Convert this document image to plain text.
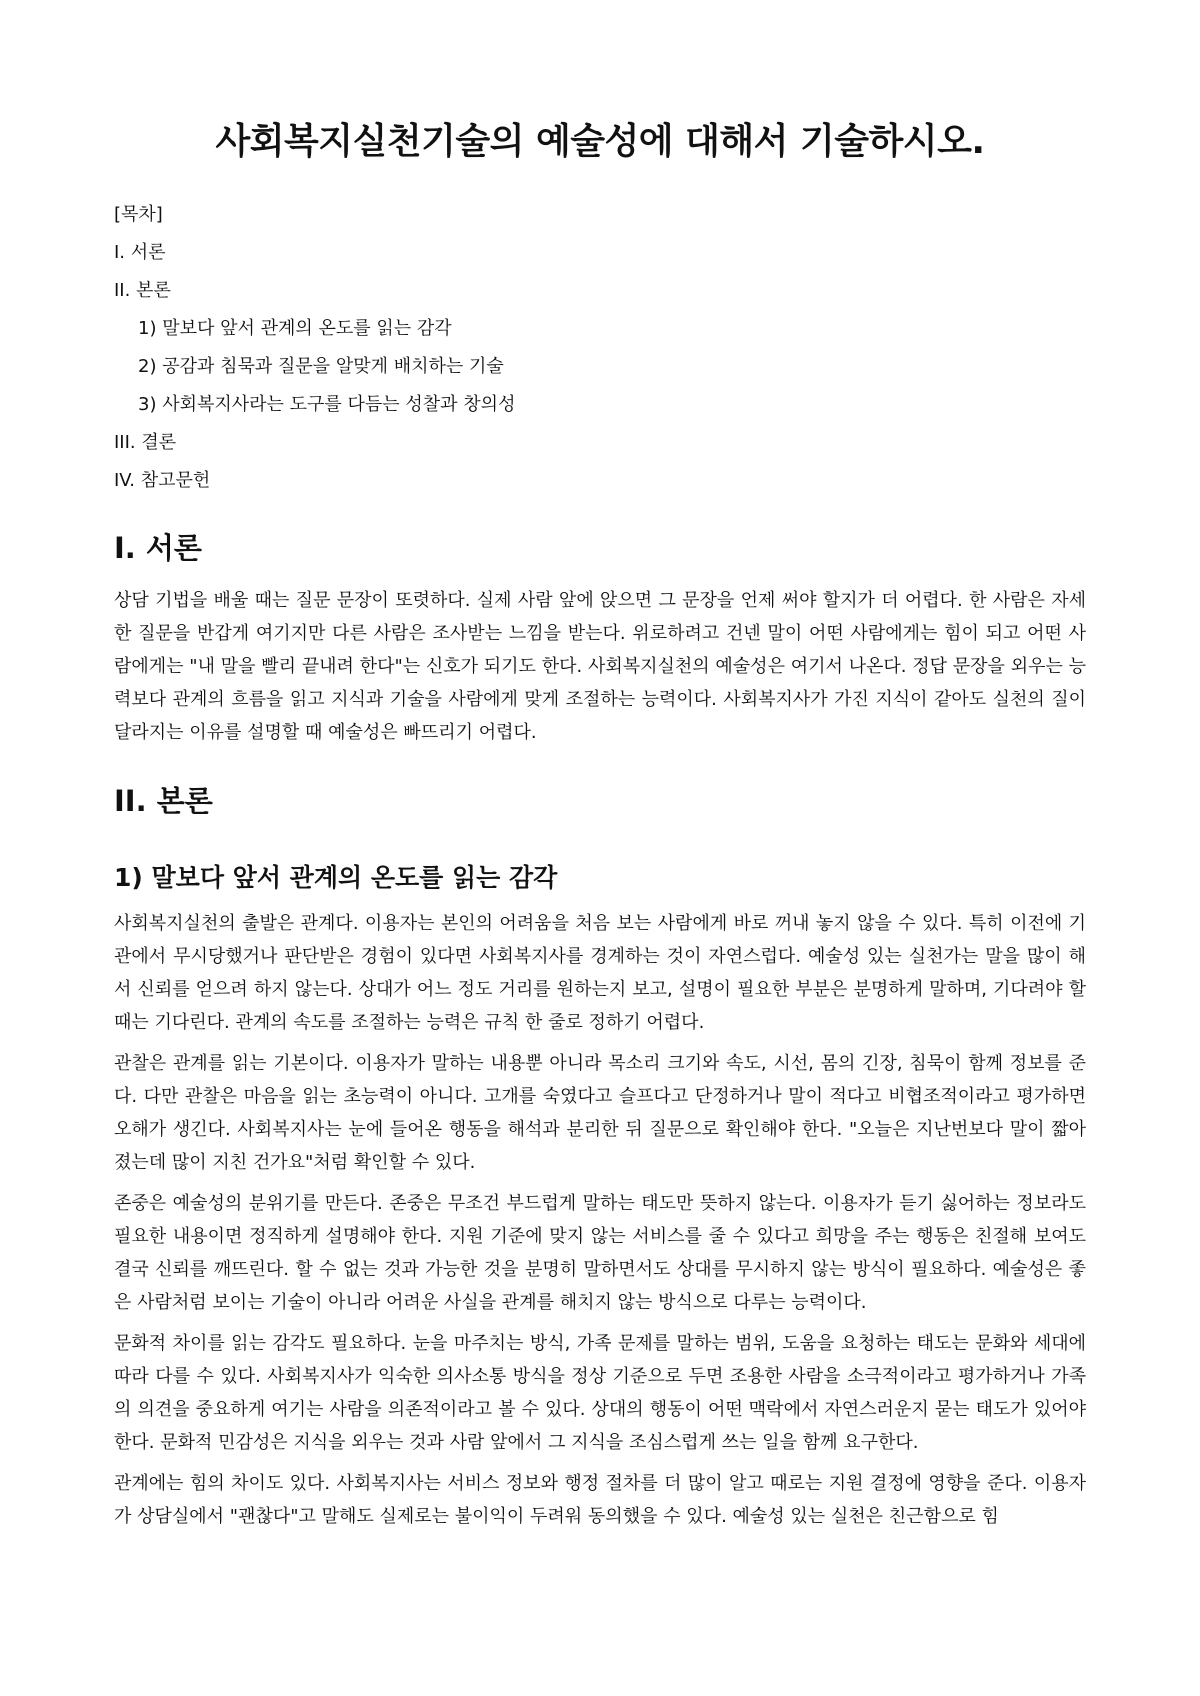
사회복지실천기술의 예술성에 대해서 기술하시오.

[목차]

I. 서론

II. 본론

1) 말보다 앞서 관계의 온도를 읽는 감각

2) 공감과 침묵과 질문을 알맞게 배치하는 기술

3) 사회복지사라는 도구를 다듬는 성찰과 창의성

III. 결론

IV. 참고문헌

I. 서론

상담 기법을 배울 때는 질문 문장이 또렷하다. 실제 사람 앞에 앉으면 그 문장을 언제 써야 할지가 더 어렵다. 한 사람은 자세한 질문을 반갑게 여기지만 다른 사람은 조사받는 느낌을 받는다. 위로하려고 건넨 말이 어떤 사람에게는 힘이 되고 어떤 사람에게는 "내 말을 빨리 끝내려 한다"는 신호가 되기도 한다. 사회복지실천의 예술성은 여기서 나온다. 정답 문장을 외우는 능력보다 관계의 흐름을 읽고 지식과 기술을 사람에게 맞게 조절하는 능력이다. 사회복지사가 가진 지식이 같아도 실천의 질이 달라지는 이유를 설명할 때 예술성은 빠뜨리기 어렵다.

II. 본론
1) 말보다 앞서 관계의 온도를 읽는 감각

사회복지실천의 출발은 관계다. 이용자는 본인의 어려움을 처음 보는 사람에게 바로 꺼내 놓지 않을 수 있다. 특히 이전에 기관에서 무시당했거나 판단받은 경험이 있다면 사회복지사를 경계하는 것이 자연스럽다. 예술성 있는 실천가는 말을 많이 해서 신뢰를 얻으려 하지 않는다. 상대가 어느 정도 거리를 원하는지 보고, 설명이 필요한 부분은 분명하게 말하며, 기다려야 할 때는 기다린다. 관계의 속도를 조절하는 능력은 규칙 한 줄로 정하기 어렵다.

관찰은 관계를 읽는 기본이다. 이용자가 말하는 내용뿐 아니라 목소리 크기와 속도, 시선, 몸의 긴장, 침묵이 함께 정보를 준다. 다만 관찰은 마음을 읽는 초능력이 아니다. 고개를 숙였다고 슬프다고 단정하거나 말이 적다고 비협조적이라고 평가하면 오해가 생긴다. 사회복지사는 눈에 들어온 행동을 해석과 분리한 뒤 질문으로 확인해야 한다. "오늘은 지난번보다 말이 짧아졌는데 많이 지친 건가요"처럼 확인할 수 있다.

존중은 예술성의 분위기를 만든다. 존중은 무조건 부드럽게 말하는 태도만 뜻하지 않는다. 이용자가 듣기 싫어하는 정보라도 필요한 내용이면 정직하게 설명해야 한다. 지원 기준에 맞지 않는 서비스를 줄 수 있다고 희망을 주는 행동은 친절해 보여도 결국 신뢰를 깨뜨린다. 할 수 없는 것과 가능한 것을 분명히 말하면서도 상대를 무시하지 않는 방식이 필요하다. 예술성은 좋은 사람처럼 보이는 기술이 아니라 어려운 사실을 관계를 해치지 않는 방식으로 다루는 능력이다.

문화적 차이를 읽는 감각도 필요하다. 눈을 마주치는 방식, 가족 문제를 말하는 범위, 도움을 요청하는 태도는 문화와 세대에 따라 다를 수 있다. 사회복지사가 익숙한 의사소통 방식을 정상 기준으로 두면 조용한 사람을 소극적이라고 평가하거나 가족의 의견을 중요하게 여기는 사람을 의존적이라고 볼 수 있다. 상대의 행동이 어떤 맥락에서 자연스러운지 묻는 태도가 있어야 한다. 문화적 민감성은 지식을 외우는 것과 사람 앞에서 그 지식을 조심스럽게 쓰는 일을 함께 요구한다.

관계에는 힘의 차이도 있다. 사회복지사는 서비스 정보와 행정 절차를 더 많이 알고 때로는 지원 결정에 영향을 준다. 이용자가 상담실에서 "괜찮다"고 말해도 실제로는 불이익이 두려워 동의했을 수 있다. 예술성 있는 실천은 친근함으로 힘
